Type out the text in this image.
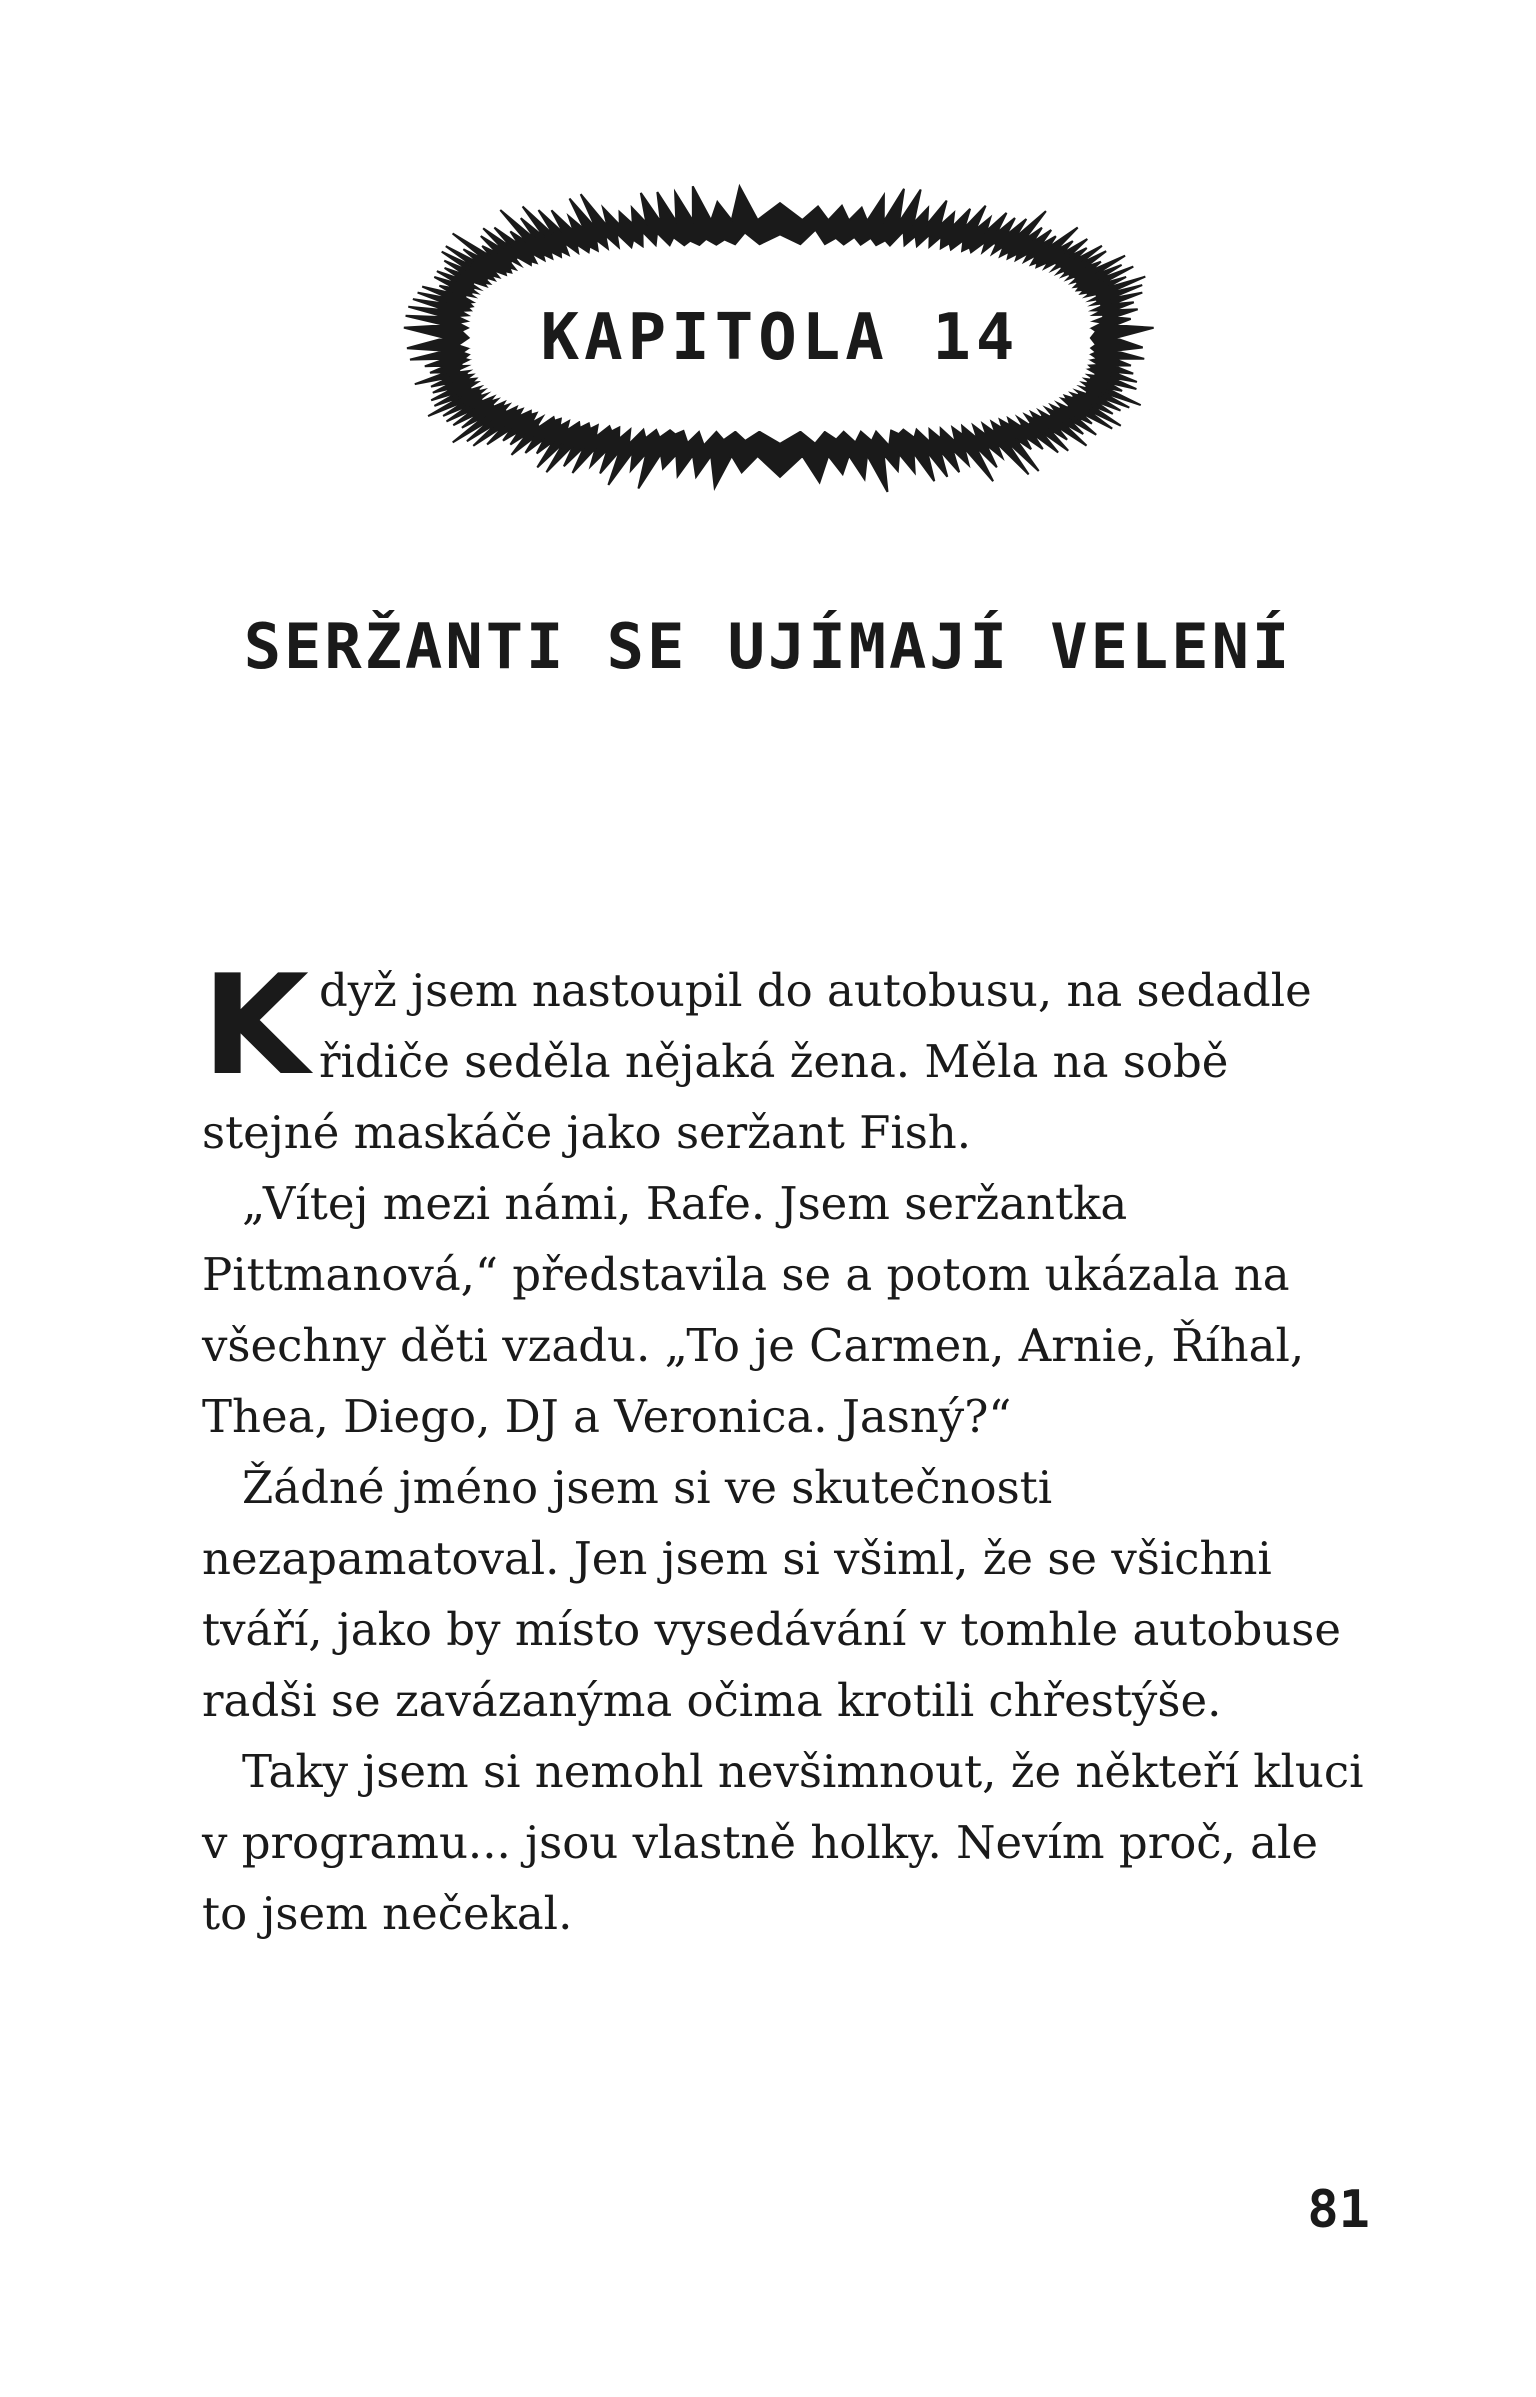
KAPITOLA 14
SERŽANTI SE UJÍMAJÍ VELENÍ

Když jsem nastoupil do autobusu, na sedadle řidiče seděla nějaká žena. Měla na sobě stejné maskáče jako seržant Fish.

„Vítej mezi námi, Rafe. Jsem seržantka Pittmanová,“ představila se a potom ukázala na všechny děti vzadu. „To je Carmen, Arnie, Říhal, Thea, Diego, DJ a Veronica. Jasný?“

Žádné jméno jsem si ve skutečnosti nezapamatoval. Jen jsem si všiml, že se všichni tváří, jako by místo vysedávání v tomhle autobuse radši se zavázanýma očima krotili chřestýše.

Taky jsem si nemohl nevšimnout, že někteří kluci v programu... jsou vlastně holky. Nevím proč, ale to jsem nečekal.

81
